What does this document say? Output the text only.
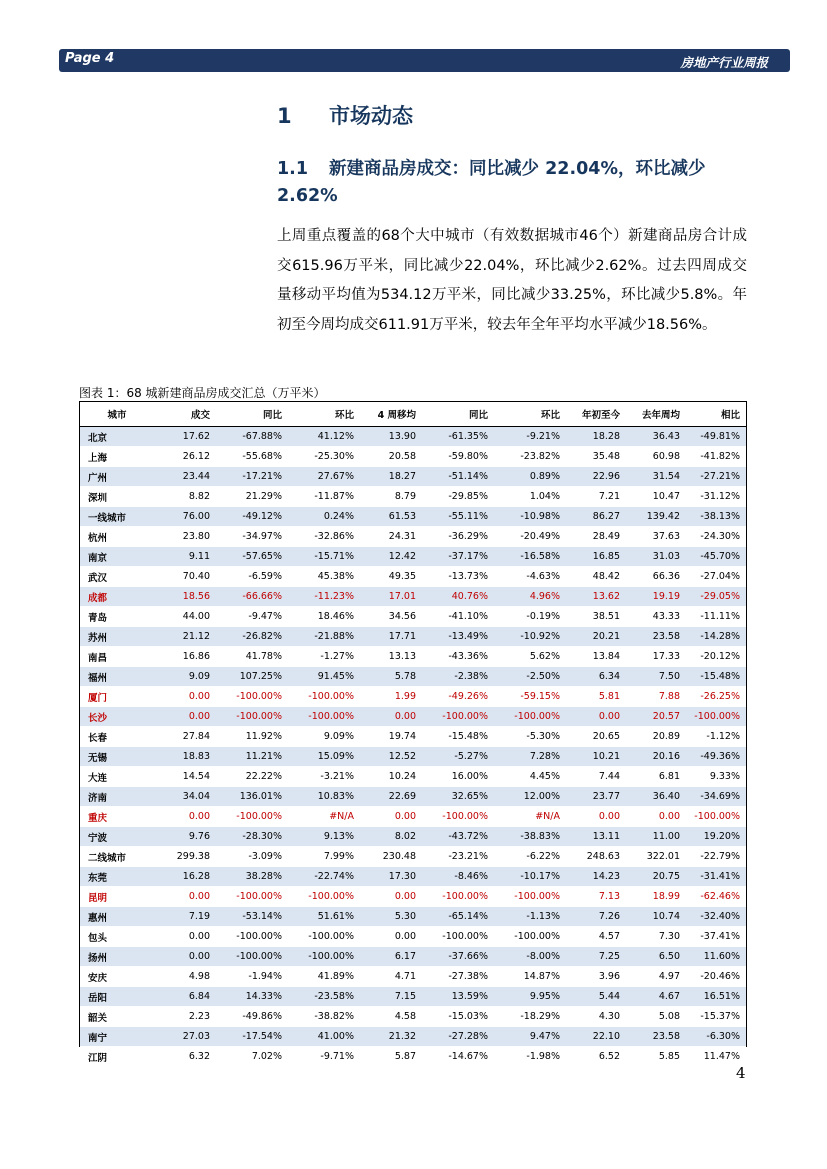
Page 4	房地产行业周报
1 市场动态
1.1 新建商品房成交：同比减少 22.04%，环比减少 2.62%
上周重点覆盖的68个大中城市（有效数据城市46个）新建商品房合计成交615.96万平米，同比减少22.04%，环比减少2.62%。过去四周成交量移动平均值为534.12万平米，同比减少33.25%，环比减少5.8%。年初至今周均成交611.91万平米，较去年全年平均水平减少18.56%。
图表 1：68 城新建商品房成交汇总（万平米）
城市	成交	同比	环比	4 周移均	同比	环比	年初至今	去年周均	相比
北京	17.62	-67.88%	41.12%	13.90	-61.35%	-9.21%	18.28	36.43	-49.81%
上海	26.12	-55.68%	-25.30%	20.58	-59.80%	-23.82%	35.48	60.98	-41.82%
广州	23.44	-17.21%	27.67%	18.27	-51.14%	0.89%	22.96	31.54	-27.21%
深圳	8.82	21.29%	-11.87%	8.79	-29.85%	1.04%	7.21	10.47	-31.12%
一线城市	76.00	-49.12%	0.24%	61.53	-55.11%	-10.98%	86.27	139.42	-38.13%
杭州	23.80	-34.97%	-32.86%	24.31	-36.29%	-20.49%	28.49	37.63	-24.30%
南京	9.11	-57.65%	-15.71%	12.42	-37.17%	-16.58%	16.85	31.03	-45.70%
武汉	70.40	-6.59%	45.38%	49.35	-13.73%	-4.63%	48.42	66.36	-27.04%
成都	18.56	-66.66%	-11.23%	17.01	40.76%	4.96%	13.62	19.19	-29.05%
青岛	44.00	-9.47%	18.46%	34.56	-41.10%	-0.19%	38.51	43.33	-11.11%
苏州	21.12	-26.82%	-21.88%	17.71	-13.49%	-10.92%	20.21	23.58	-14.28%
南昌	16.86	41.78%	-1.27%	13.13	-43.36%	5.62%	13.84	17.33	-20.12%
福州	9.09	107.25%	91.45%	5.78	-2.38%	-2.50%	6.34	7.50	-15.48%
厦门	0.00	-100.00%	-100.00%	1.99	-49.26%	-59.15%	5.81	7.88	-26.25%
长沙	0.00	-100.00%	-100.00%	0.00	-100.00%	-100.00%	0.00	20.57	-100.00%
长春	27.84	11.92%	9.09%	19.74	-15.48%	-5.30%	20.65	20.89	-1.12%
无锡	18.83	11.21%	15.09%	12.52	-5.27%	7.28%	10.21	20.16	-49.36%
大连	14.54	22.22%	-3.21%	10.24	16.00%	4.45%	7.44	6.81	9.33%
济南	34.04	136.01%	10.83%	22.69	32.65%	12.00%	23.77	36.40	-34.69%
重庆	0.00	-100.00%	#N/A	0.00	-100.00%	#N/A	0.00	0.00	-100.00%
宁波	9.76	-28.30%	9.13%	8.02	-43.72%	-38.83%	13.11	11.00	19.20%
二线城市	299.38	-3.09%	7.99%	230.48	-23.21%	-6.22%	248.63	322.01	-22.79%
东莞	16.28	38.28%	-22.74%	17.30	-8.46%	-10.17%	14.23	20.75	-31.41%
昆明	0.00	-100.00%	-100.00%	0.00	-100.00%	-100.00%	7.13	18.99	-62.46%
惠州	7.19	-53.14%	51.61%	5.30	-65.14%	-1.13%	7.26	10.74	-32.40%
包头	0.00	-100.00%	-100.00%	0.00	-100.00%	-100.00%	4.57	7.30	-37.41%
扬州	0.00	-100.00%	-100.00%	6.17	-37.66%	-8.00%	7.25	6.50	11.60%
安庆	4.98	-1.94%	41.89%	4.71	-27.38%	14.87%	3.96	4.97	-20.46%
岳阳	6.84	14.33%	-23.58%	7.15	13.59%	9.95%	5.44	4.67	16.51%
韶关	2.23	-49.86%	-38.82%	4.58	-15.03%	-18.29%	4.30	5.08	-15.37%
南宁	27.03	-17.54%	41.00%	21.32	-27.28%	9.47%	22.10	23.58	-6.30%
江阴	6.32	7.02%	-9.71%	5.87	-14.67%	-1.98%	6.52	5.85	11.47%
4
